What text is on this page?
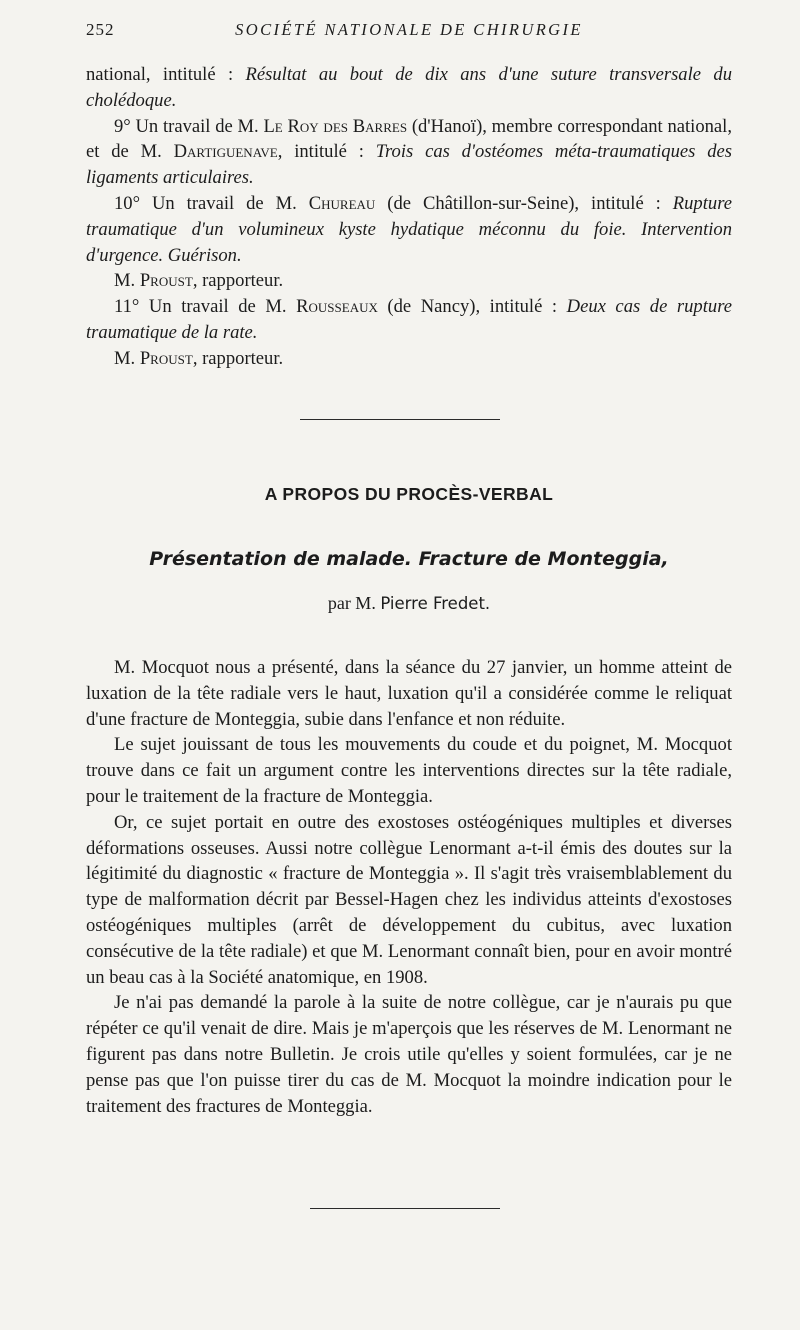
252	SOCIÉTÉ NATIONALE DE CHIRURGIE

national, intitulé : Résultat au bout de dix ans d'une suture transversale du cholédoque.

9° Un travail de M. Le Roy des Barres (d'Hanoï), membre correspondant national, et de M. Dartiguenave, intitulé : Trois cas d'ostéomes méta-traumatiques des ligaments articulaires.

10° Un travail de M. Chureau (de Châtillon-sur-Seine), intitulé : Rupture traumatique d'un volumineux kyste hydatique méconnu du foie. Intervention d'urgence. Guérison.

M. Proust, rapporteur.

11° Un travail de M. Rousseaux (de Nancy), intitulé : Deux cas de rupture traumatique de la rate.

M. Proust, rapporteur.

A PROPOS DU PROCÈS-VERBAL
Présentation de malade. Fracture de Monteggia,
par M. Pierre Fredet.

M. Mocquot nous a présenté, dans la séance du 27 janvier, un homme atteint de luxation de la tête radiale vers le haut, luxation qu'il a considérée comme le reliquat d'une fracture de Monteggia, subie dans l'enfance et non réduite.

Le sujet jouissant de tous les mouvements du coude et du poignet, M. Mocquot trouve dans ce fait un argument contre les interventions directes sur la tête radiale, pour le traitement de la fracture de Monteggia.

Or, ce sujet portait en outre des exostoses ostéogéniques multiples et diverses déformations osseuses. Aussi notre collègue Lenormant a-t-il émis des doutes sur la légitimité du diagnostic « fracture de Monteggia ». Il s'agit très vraisemblablement du type de malformation décrit par Bessel-Hagen chez les individus atteints d'exostoses ostéogéniques multiples (arrêt de développement du cubitus, avec luxation consécutive de la tête radiale) et que M. Lenormant connaît bien, pour en avoir montré un beau cas à la Société anatomique, en 1908.

Je n'ai pas demandé la parole à la suite de notre collègue, car je n'aurais pu que répéter ce qu'il venait de dire. Mais je m'aperçois que les réserves de M. Lenormant ne figurent pas dans notre Bulletin. Je crois utile qu'elles y soient formulées, car je ne pense pas que l'on puisse tirer du cas de M. Mocquot la moindre indication pour le traitement des fractures de Monteggia.
